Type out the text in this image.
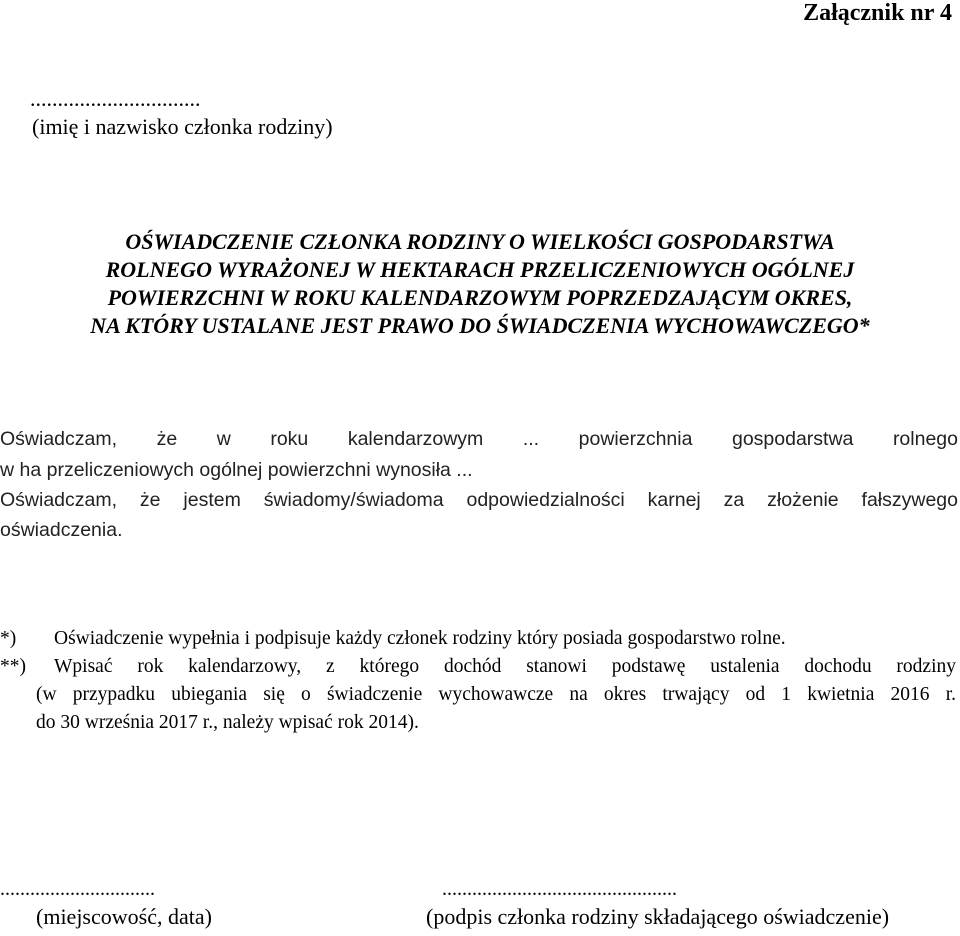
Załącznik nr 4
...............................
(imię i nazwisko członka rodziny)
OŚWIADCZENIE CZŁONKA RODZINY O WIELKOŚCI GOSPODARSTWA
ROLNEGO WYRAŻONEJ W HEKTARACH PRZELICZENIOWYCH OGÓLNEJ
POWIERZCHNI W ROKU KALENDARZOWYM POPRZEDZAJĄCYM OKRES,
NA KTÓRY USTALANE JEST PRAWO DO ŚWIADCZENIA WYCHOWAWCZEGO*
Oświadczam, że w roku kalendarzowym ... powierzchnia gospodarstwa rolnego
w ha przeliczeniowych ogólnej powierzchni wynosiła ...
Oświadczam, że jestem świadomy/świadoma odpowiedzialności karnej za złożenie fałszywego
oświadczenia.
*) Oświadczenie wypełnia i podpisuje każdy członek rodziny który posiada gospodarstwo rolne.
**) Wpisać rok kalendarzowy, z którego dochód stanowi podstawę ustalenia dochodu rodziny
(w przypadku ubiegania się o świadczenie wychowawcze na okres trwający od 1 kwietnia 2016 r.
do 30 września 2017 r., należy wpisać rok 2014).
...............................	...............................................
(miejscowość, data)	(podpis członka rodziny składającego oświadczenie)
